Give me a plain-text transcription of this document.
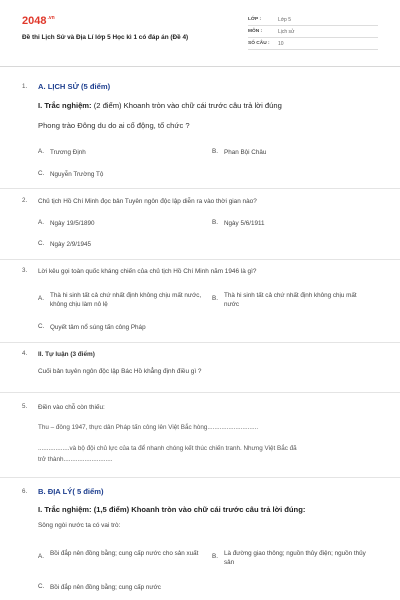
$2048^{.vn}$
Đề thi Lịch Sử và Địa Lí lớp 5 Học kì 1 có đáp án (Đề 4)
LỚP :	Lớp 5
MÔN :	Lịch sử
SỐ CÂU :	10
1. A. LỊCH SỬ (5 điểm)
I. Trắc nghiệm: (2 điểm) Khoanh tròn vào chữ cái trước câu trả lời đúng
Phong trào Đông du do ai cổ động, tổ chức ?
A. Trương Định	B. Phan Bội Châu
C. Nguyễn Trường Tộ
2. Chủ tịch Hồ Chí Minh đọc bản Tuyên ngôn độc lập diễn ra vào thời gian nào?
A. Ngày 19/5/1890	B. Ngày 5/6/1911
C. Ngày 2/9/1945
3. Lời kêu gọi toàn quốc kháng chiến của chủ tịch Hồ Chí Minh năm 1946 là gì?
A. Thà hi sinh tất cả chứ nhất định không chịu mất nước, không chịu làm nô lệ
B. Thà hi sinh tất cả chứ nhất định không chịu mất nước
C. Quyết tâm nổ súng tấn công Pháp
4. II. Tự luận (3 điểm)
Cuối bản tuyên ngôn độc lập Bác Hồ khẳng định điều gì ?
5. Điền vào chỗ còn thiếu:
Thu – đông 1947, thực dân Pháp tấn công lên Việt Bắc hòng.............................
..................và bộ đội chủ lực của ta để nhanh chóng kết thúc chiến tranh. Nhưng Việt Bắc đã
trở thành............................
6. B. ĐỊA LÝ( 5 điểm)
I. Trắc nghiệm: (1,5 điểm) Khoanh tròn vào chữ cái trước câu trả lời đúng:
Sông ngòi nước ta có vai trò:
A. Bồi đắp nên đồng bằng; cung cấp nước cho sản xuất B. Là đường giao thông; nguồn thủy điện; nguồn thủy sản
C. Bồi đắp nên đồng bằng; cung cấp nước
